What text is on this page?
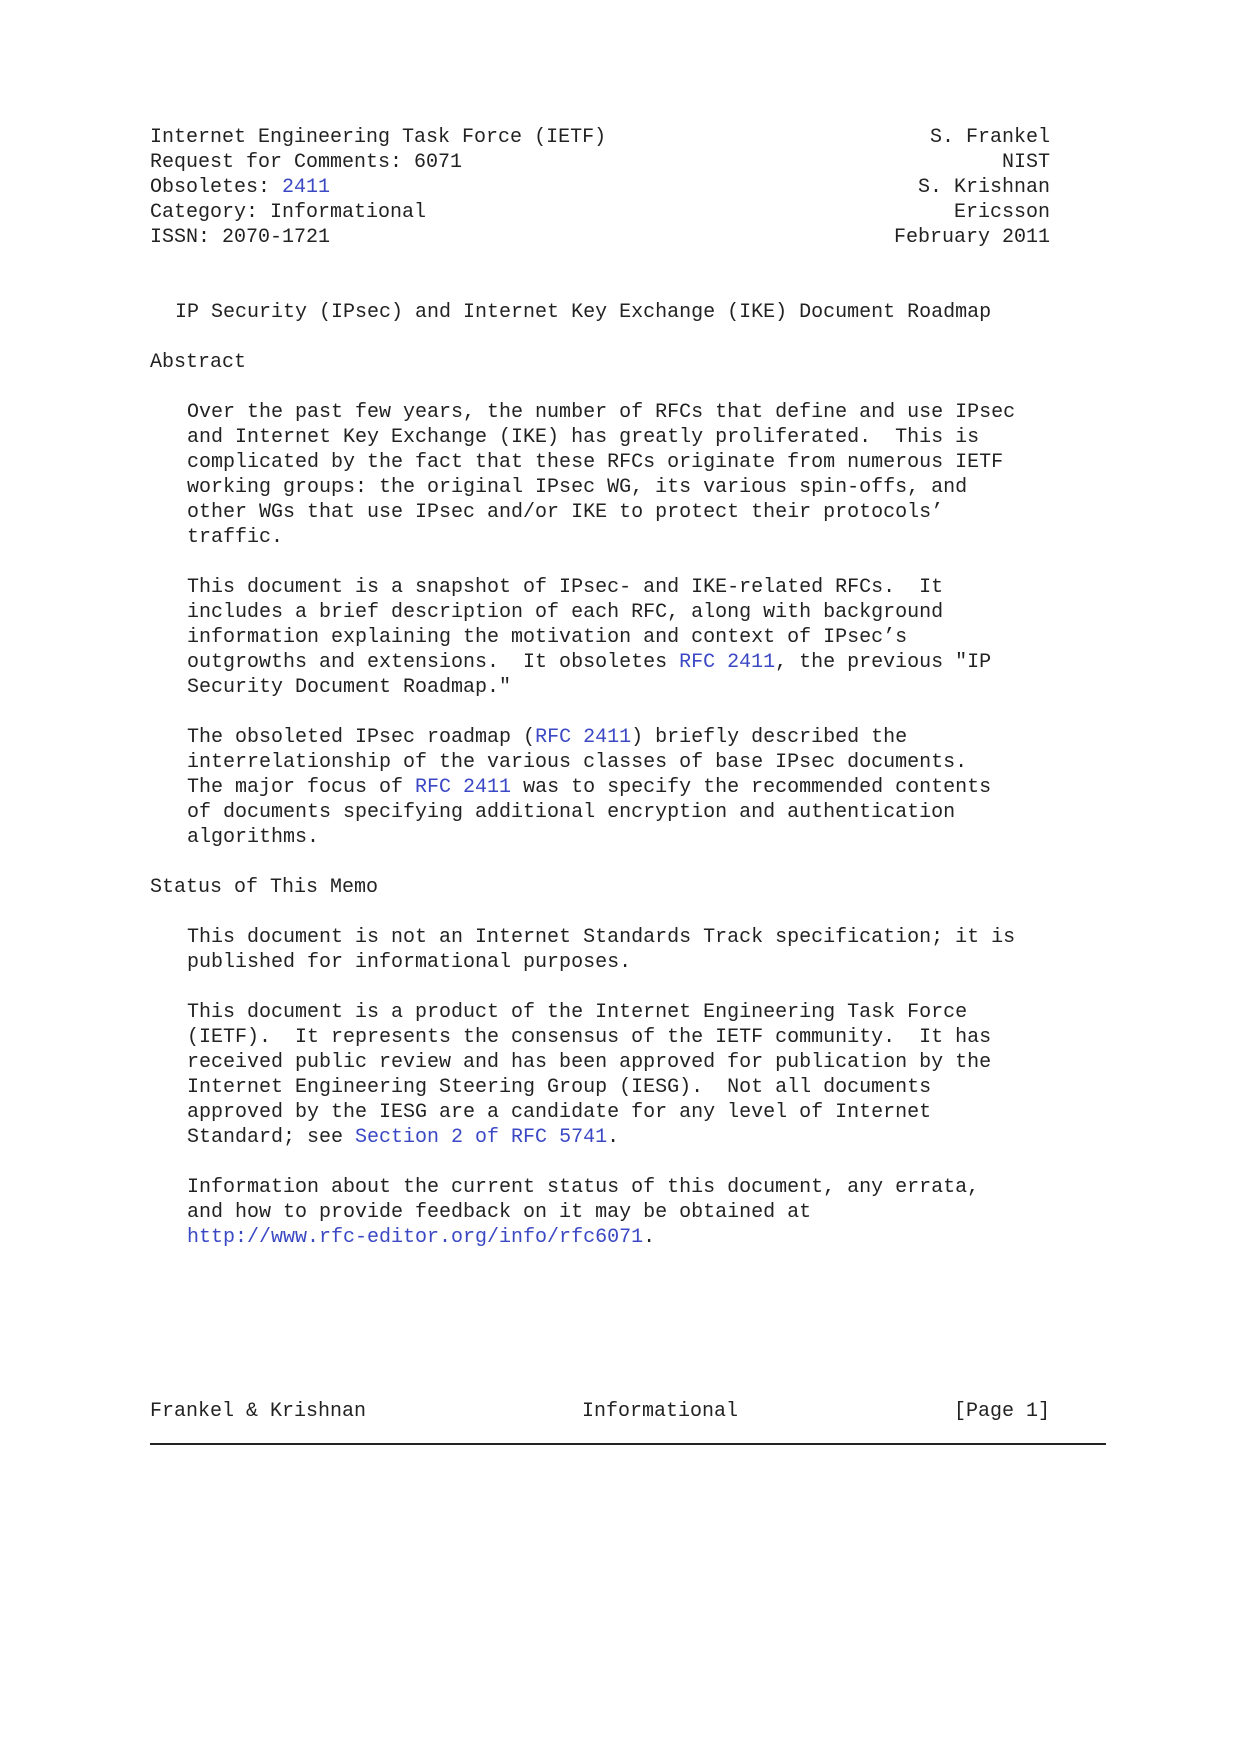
Internet Engineering Task Force (IETF)	S. Frankel
Request for Comments: 6071	NIST
Obsoletes: 2411	S. Krishnan
Category: Informational	Ericsson
ISSN: 2070-1721	February 2011
IP Security (IPsec) and Internet Key Exchange (IKE) Document Roadmap
Abstract
Over the past few years, the number of RFCs that define and use IPsec
and Internet Key Exchange (IKE) has greatly proliferated.  This is
complicated by the fact that these RFCs originate from numerous IETF
working groups: the original IPsec WG, its various spin-offs, and
other WGs that use IPsec and/or IKE to protect their protocols’
traffic.
This document is a snapshot of IPsec- and IKE-related RFCs.  It
includes a brief description of each RFC, along with background
information explaining the motivation and context of IPsec’s
outgrowths and extensions.  It obsoletes RFC 2411, the previous "IP
Security Document Roadmap."
The obsoleted IPsec roadmap (RFC 2411) briefly described the
interrelationship of the various classes of base IPsec documents.
The major focus of RFC 2411 was to specify the recommended contents
of documents specifying additional encryption and authentication
algorithms.
Status of This Memo
This document is not an Internet Standards Track specification; it is
published for informational purposes.
This document is a product of the Internet Engineering Task Force
(IETF).  It represents the consensus of the IETF community.  It has
received public review and has been approved for publication by the
Internet Engineering Steering Group (IESG).  Not all documents
approved by the IESG are a candidate for any level of Internet
Standard; see Section 2 of RFC 5741.
Information about the current status of this document, any errata,
and how to provide feedback on it may be obtained at
http://www.rfc-editor.org/info/rfc6071.
Frankel & Krishnan	Informational	[Page 1]
